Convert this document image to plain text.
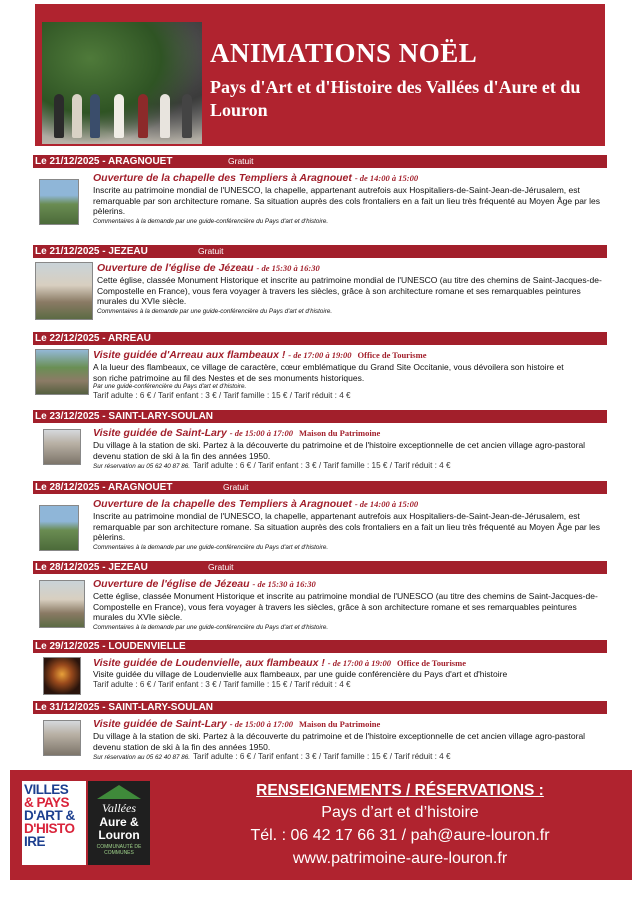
ANIMATIONS NOËL
Pays d'Art et d'Histoire des Vallées d'Aure et du Louron
Le 21/12/2025 - ARAGNOUET	Gratuit
Ouverture de la chapelle des Templiers à Aragnouet - de 14:00 à 15:00
Inscrite au patrimoine mondial de l'UNESCO, la chapelle, appartenant autrefois aux Hospitaliers-de-Saint-Jean-de-Jérusalem, est remarquable par son architecture romane. Sa situation auprès des cols frontaliers en a fait un lieu très fréquenté au Moyen Âge par les pèlerins.
Commentaires à la demande par une guide-conférencière du Pays d'art et d'histoire.
Le 21/12/2025 - JEZEAU	Gratuit
Ouverture de l'église de Jézeau - de 15:30 à 16:30
Cette église, classée Monument Historique et inscrite au patrimoine mondial de l'UNESCO (au titre des chemins de Saint-Jacques-de-Compostelle en France), vous fera voyager à travers les siècles, grâce à son architecture romane et ses remarquables peintures murales du XVIe siècle.
Commentaires à la demande par une guide-conférencière du Pays d'art et d'histoire.
Le 22/12/2025 - ARREAU
Visite guidée d'Arreau aux flambeaux ! - de 17:00 à 19:00 Office de Tourisme
A la lueur des flambeaux, ce village de caractère, cœur emblématique du Grand Site Occitanie, vous dévoilera son histoire et son riche patrimoine au fil des Nestes et de ses monuments historiques.
Par une guide-conférencière du Pays d'art et d'histoire.
Tarif adulte : 6 € / Tarif enfant : 3 € / Tarif famille : 15 € / Tarif réduit : 4 €
Le 23/12/2025 - SAINT-LARY-SOULAN
Visite guidée de Saint-Lary - de 15:00 à 17:00 Maison du Patrimoine
Du village à la station de ski. Partez à la découverte du patrimoine et de l'histoire exceptionnelle de cet ancien village agro-pastoral devenu station de ski à la fin des années 1950.
Sur réservation au 05 62 40 87 86. Tarif adulte : 6 € / Tarif enfant : 3 € / Tarif famille : 15 € / Tarif réduit : 4 €
Le 28/12/2025 - ARAGNOUET	Gratuit
Ouverture de la chapelle des Templiers à Aragnouet - de 14:00 à 15:00
Inscrite au patrimoine mondial de l'UNESCO, la chapelle, appartenant autrefois aux Hospitaliers-de-Saint-Jean-de-Jérusalem, est remarquable par son architecture romane. Sa situation auprès des cols frontaliers en a fait un lieu très fréquenté au Moyen Âge par les pèlerins.
Commentaires à la demande par une guide-conférencière du Pays d'art et d'histoire.
Le 28/12/2025 - JEZEAU	Gratuit
Ouverture de l'église de Jézeau - de 15:30 à 16:30
Cette église, classée Monument Historique et inscrite au patrimoine mondial de l'UNESCO (au titre des chemins de Saint-Jacques-de-Compostelle en France), vous fera voyager à travers les siècles, grâce à son architecture romane et ses remarquables peintures murales du XVIe siècle.
Commentaires à la demande par une guide-conférencière du Pays d'art et d'histoire.
Le 29/12/2025 - LOUDENVIELLE
Visite guidée de Loudenvielle, aux flambeaux ! - de 17:00 à 19:00 Office de Tourisme
Visite guidée du village de Loudenvielle aux flambeaux, par une guide conférencière du Pays d'art et d'histoire
Tarif adulte : 6 € / Tarif enfant : 3 € / Tarif famille : 15 € / Tarif réduit : 4 €
Le 31/12/2025 - SAINT-LARY-SOULAN
Visite guidée de Saint-Lary - de 15:00 à 17:00 Maison du Patrimoine
Du village à la station de ski. Partez à la découverte du patrimoine et de l'histoire exceptionnelle de cet ancien village agro-pastoral devenu station de ski à la fin des années 1950.
Sur réservation au 05 62 40 87 86. Tarif adulte : 6 € / Tarif enfant : 3 € / Tarif famille : 15 € / Tarif réduit : 4 €
VILLES
& PAYS
D'ART &
D'HISTO
IRE
Vallées
Aure &
Louron
COMMUNAUTÉ DE COMMUNES
RENSEIGNEMENTS / RÉSERVATIONS :
Pays d’art et d’histoire
Tél. : 06 42 17 66 31 / pah@aure-louron.fr
www.patrimoine-aure-louron.fr
